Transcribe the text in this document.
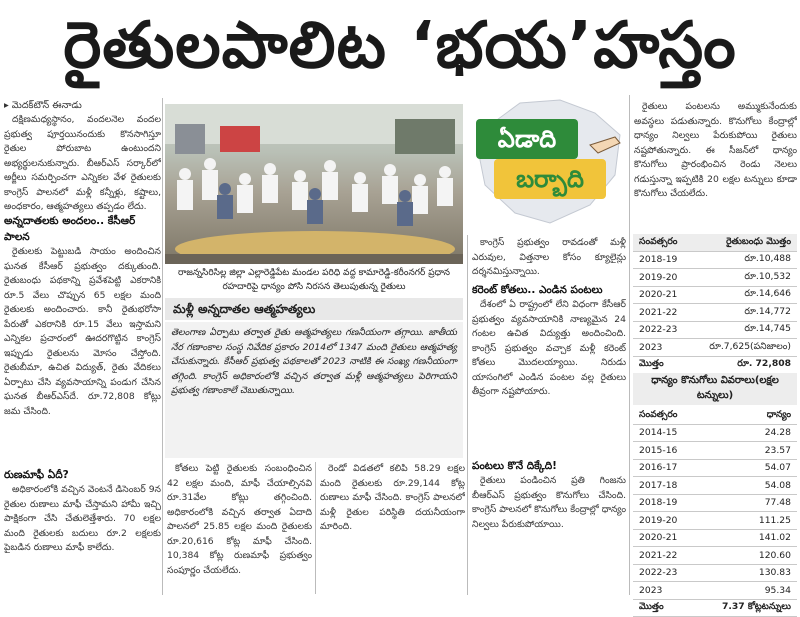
రైతులపాలిట ‘భయ’హస్తం
▸ మెదక్‌టౌన్‌ ఈనాడు

దక్షిణమధ్యస్థానం, వందలనెల వందల ప్రభుత్వ పూర్తయినందుకు కొనసాగిస్తూ రైతుల పోరుబాట ఉంటుందని అభ్యర్థులనుకున్నారు. బీఆర్‌ఎస్‌ సర్కార్‌లో అర్జీలు సమర్పించగా ఎన్నికల వేళ రైతులకు కాంగ్రెస్‌ పాలనలో మళ్లీ కన్నీళ్లు, కష్టాలు, అంధకారం, ఆత్మహత్యలు తప్పడం లేదు.

అన్నదాతలకు అందలం.. కేసీఆర్‌ పాలన

రైతులకు పెట్టుబడి సాయం అందించిన ఘనత కేసీఆర్‌ ప్రభుత్వం దక్కుతుంది. రైతుబంధు పథకాన్ని ప్రవేశపెట్టి ఎకరానికి రూ.5 వేలు చొప్పున 65 లక్షల మంది రైతులకు అందించారు. కానీ రైతుభరోసా పేరుతో ఎకరానికి రూ.15 వేలు ఇస్తామని ఎన్నికల ప్రచారంలో ఊదరగొట్టిన కాంగ్రెస్‌ ఇప్పుడు రైతులను మోసం చేస్తోంది. రైతుబీమా, ఉచిత విద్యుత్‌, రైతు వేదికలు ఏర్పాటు చేసి వ్యవసాయాన్ని పండుగ చేసిన ఘనత బీఆర్‌ఎస్‌దే. రూ.72,808 కోట్లు జమ చేసింది.

రుణమాఫీ ఏదీ?

అధికారంలోకి వచ్చిన వెంటనే డిసెంబర్‌ 9న రైతుల రుణాలు మాఫీ చేస్తామని హామీ ఇచ్చి పాక్షికంగా చేసి చేతులెత్తేశారు. 70 లక్షల మంది రైతులకు బదులు రూ.2 లక్షలకు పైబడిన రుణాలు మాఫీ కాలేదు.

రాజన్నసిరిసిల్ల జిల్లా ఎల్లారెడ్డిపేట మండల పరిధి వద్ద కామారెడ్డి-కరీంనగర్‌ ప్రధాన రహదారిపై ధాన్యం పోసి నిరసన తెలుపుతున్న రైతులు
మళ్లీ అన్నదాతల ఆత్మహత్యలు
తెలంగాణ ఏర్పాటు తర్వాత రైతు ఆత్మహత్యలు గణనీయంగా తగ్గాయి. జాతీయ నేర గణాంకాల సంస్థ నివేదిక ప్రకారం 2014లో 1347 మంది రైతులు ఆత్మహత్య చేసుకున్నారు. కేసీఆర్‌ ప్రభుత్వ పథకాలతో 2023 నాటికి ఈ సంఖ్య గణనీయంగా తగ్గింది. కాంగ్రెస్‌ అధికారంలోకి వచ్చిన తర్వాత మళ్లీ ఆత్మహత్యలు పెరిగాయని ప్రభుత్వ గణాంకాలే చెబుతున్నాయి.

కోతలు పెట్టి రైతులకు సంబంధించిన 42 లక్షల మంది, మాఫీ చేయాల్సినవి రూ.31వేల కోట్లు తగ్గించింది. అధికారంలోకి వచ్చిన తర్వాత ఏదాది పాలనలో 25.85 లక్షల మంది రైతులకు రూ.20,616 కోట్ల మాఫీ చేసింది. 10,384 కోట్ల రుణమాఫీ ప్రభుత్వం సంపూర్ణం చేయలేదు.

రెండో విడతలో కలిపి 58.29 లక్షల మంది రైతులకు రూ.29,144 కోట్ల రుణాలు మాఫీ చేసింది. కాంగ్రెస్‌ పాలనలో మళ్లీ రైతుల పరిస్థితి దయనీయంగా మారింది.

ఏడాది
బర్బాది

కాంగ్రెస్‌ ప్రభుత్వం రావడంతో మళ్లీ ఎరువుల, విత్తనాల కోసం క్యూలైన్లు దర్శనమిస్తున్నాయి.

కరెంట్‌ కోతలు.. ఎండిన పంటలు

దేశంలో ఏ రాష్ట్రంలో లేని విధంగా కేసీఆర్‌ ప్రభుత్వం వ్యవసాయానికి నాణ్యమైన 24 గంటల ఉచిత విద్యుత్తు అందించింది. కాంగ్రెస్‌ ప్రభుత్వం వచ్చాక మళ్లీ కరెంట్‌ కోతలు మొదలయ్యాయి. నిరుడు యాసంగిలో ఎండిన పంటల వల్ల రైతులు తీవ్రంగా నష్టపోయారు.

పంటలు కొనే దిక్కేది!

రైతులు పండించిన ప్రతి గింజను బీఆర్‌ఎస్‌ ప్రభుత్వం కొనుగోలు చేసింది. కాంగ్రెస్‌ పాలనలో కొనుగోలు కేంద్రాల్లో ధాన్యం నిల్వలు పేరుకుపోయాయి.

రైతులు పంటలను అమ్ముకునేందుకు అవస్థలు పడుతున్నారు. కొనుగోలు కేంద్రాల్లో ధాన్యం నిల్వలు పేరుకుపోయి రైతులు నష్టపోతున్నారు. ఈ సీజన్‌లో ధాన్యం కొనుగోలు ప్రారంభించిన రెండు నెలలు గడుస్తున్నా ఇప్పటికి 20 లక్షల టన్నులు కూడా కొనుగోలు చేయలేదు.

సంవత్సరం	రైతుబంధు మొత్తం
2018-19	రూ.10,488
2019-20	రూ.10,532
2020-21	రూ.14,646
2021-22	రూ.14,772
2022-23	రూ.14,745
2023	రూ.7,625(పనిజాలం)
మొత్తం	రూ. 72,808
ధాన్యం కొనుగోలు వివరాలు(లక్షల టన్నులు)
సంవత్సరం	ధాన్యం
2014-15	24.28
2015-16	23.57
2016-17	54.07
2017-18	54.08
2018-19	77.48
2019-20	111.25
2020-21	141.02
2021-22	120.60
2022-23	130.83
2023	95.34
మొత్తం	7.37 కోట్లటన్నులు
